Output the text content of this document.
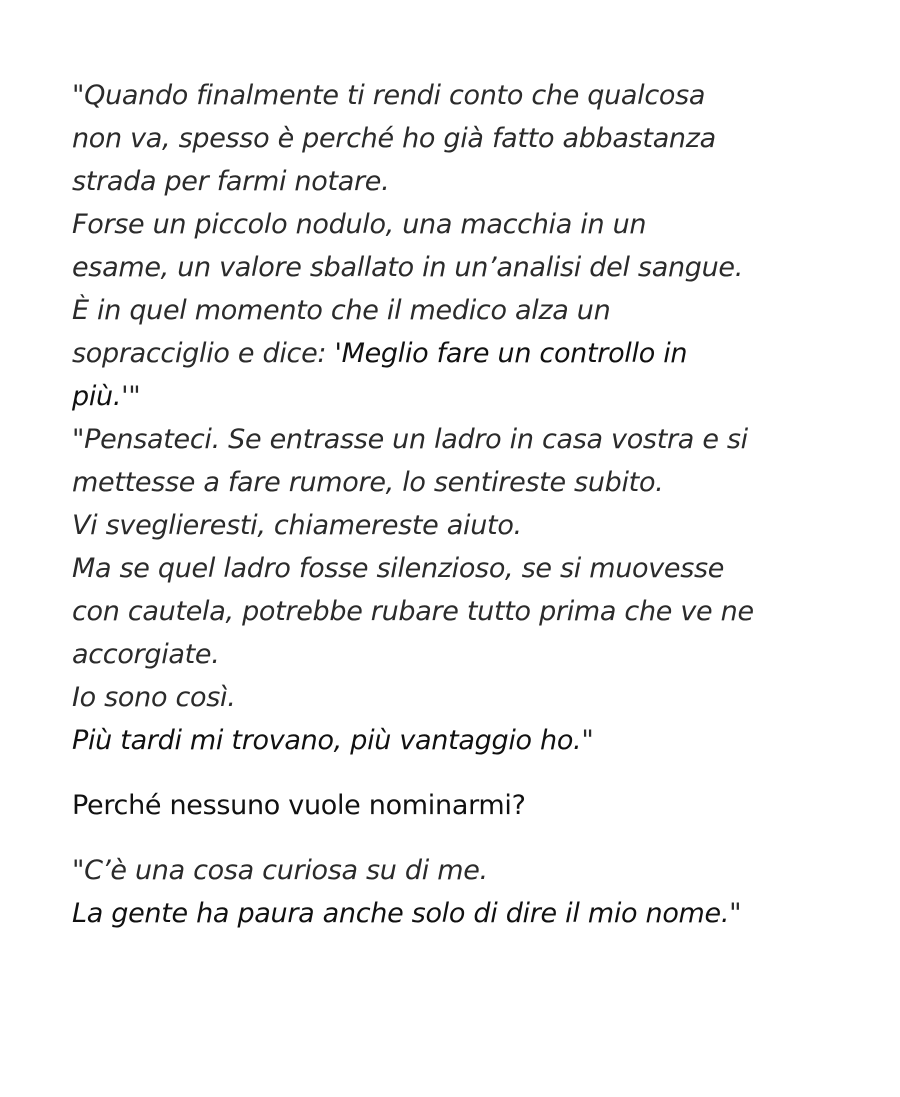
"Quando finalmente ti rendi conto che qualcosa
non va, spesso è perché ho già fatto abbastanza
strada per farmi notare.
Forse un piccolo nodulo, una macchia in un
esame, un valore sballato in un’analisi del sangue.
È in quel momento che il medico alza un
sopracciglio e dice: 'Meglio fare un controllo in
più.'"
"Pensateci. Se entrasse un ladro in casa vostra e si
mettesse a fare rumore, lo sentireste subito.
Vi sveglieresti, chiamereste aiuto.
Ma se quel ladro fosse silenzioso, se si muovesse
con cautela, potrebbe rubare tutto prima che ve ne
accorgiate.
Io sono così.
Più tardi mi trovano, più vantaggio ho."
Perché nessuno vuole nominarmi?
"C’è una cosa curiosa su di me.
La gente ha paura anche solo di dire il mio nome."
